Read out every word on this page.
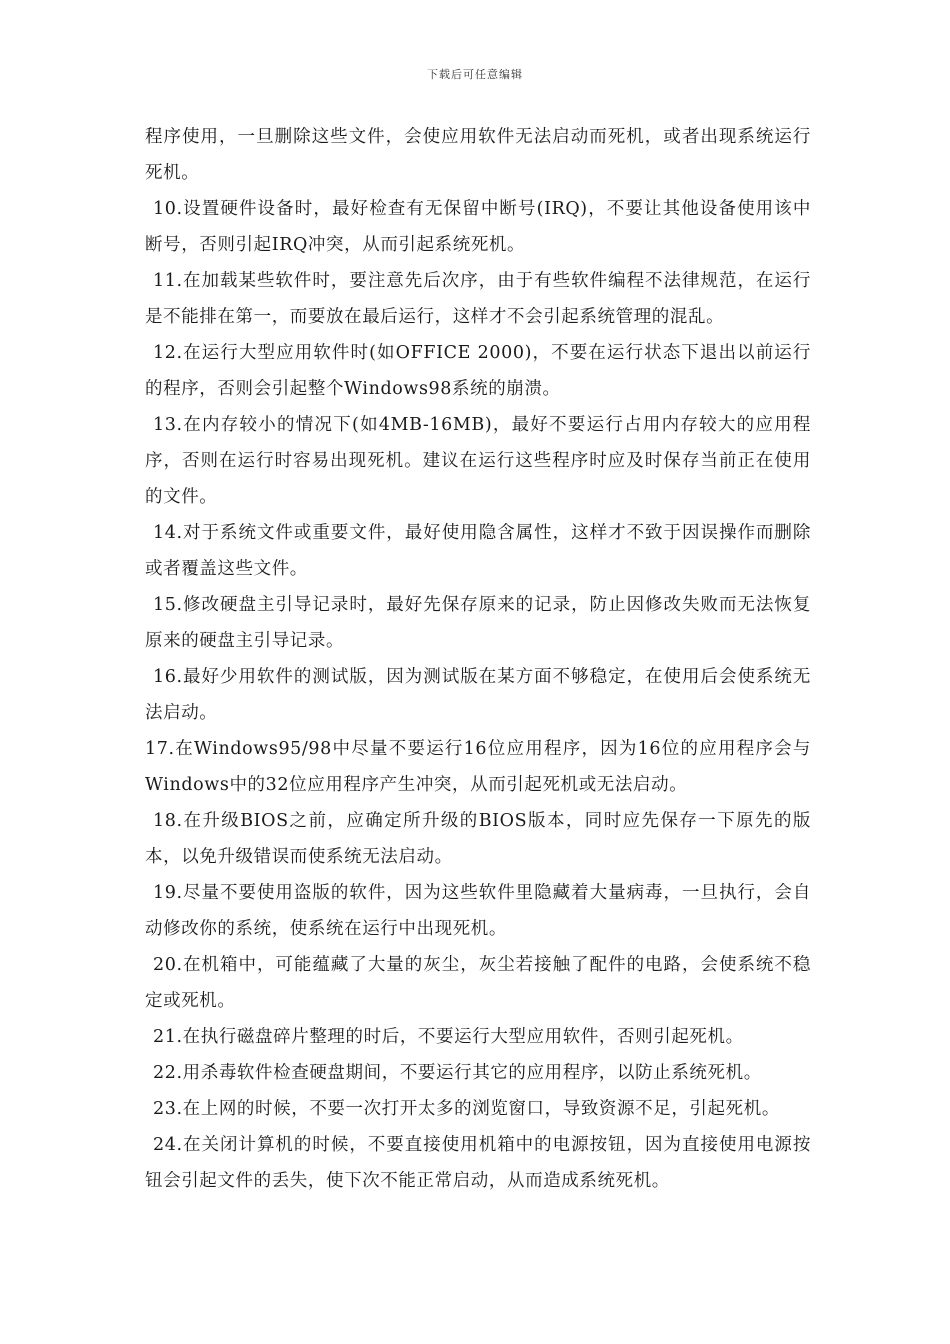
下载后可任意编辑

程序使用，一旦删除这些文件，会使应用软件无法启动而死机，或者出现系统运行死机。

10.设置硬件设备时，最好检查有无保留中断号(IRQ)，不要让其他设备使用该中断号，否则引起IRQ冲突，从而引起系统死机。

11.在加载某些软件时，要注意先后次序，由于有些软件编程不法律规范，在运行是不能排在第一，而要放在最后运行，这样才不会引起系统管理的混乱。

12.在运行大型应用软件时(如OFFICE 2000)，不要在运行状态下退出以前运行的程序，否则会引起整个Windows98系统的崩溃。

13.在内存较小的情况下(如4MB-16MB)，最好不要运行占用内存较大的应用程序，否则在运行时容易出现死机。建议在运行这些程序时应及时保存当前正在使用的文件。

14.对于系统文件或重要文件，最好使用隐含属性，这样才不致于因误操作而删除或者覆盖这些文件。

15.修改硬盘主引导记录时，最好先保存原来的记录，防止因修改失败而无法恢复原来的硬盘主引导记录。

16.最好少用软件的测试版，因为测试版在某方面不够稳定，在使用后会使系统无法启动。

17.在Windows95/98中尽量不要运行16位应用程序，因为16位的应用程序会与Windows中的32位应用程序产生冲突，从而引起死机或无法启动。

18.在升级BIOS之前，应确定所升级的BIOS版本，同时应先保存一下原先的版本，以免升级错误而使系统无法启动。

19.尽量不要使用盗版的软件，因为这些软件里隐藏着大量病毒，一旦执行，会自动修改你的系统，使系统在运行中出现死机。

20.在机箱中，可能蕴藏了大量的灰尘，灰尘若接触了配件的电路，会使系统不稳定或死机。

21.在执行磁盘碎片整理的时后，不要运行大型应用软件，否则引起死机。

22.用杀毒软件检查硬盘期间，不要运行其它的应用程序，以防止系统死机。

23.在上网的时候，不要一次打开太多的浏览窗口，导致资源不足，引起死机。

24.在关闭计算机的时候，不要直接使用机箱中的电源按钮，因为直接使用电源按钮会引起文件的丢失，使下次不能正常启动，从而造成系统死机。
